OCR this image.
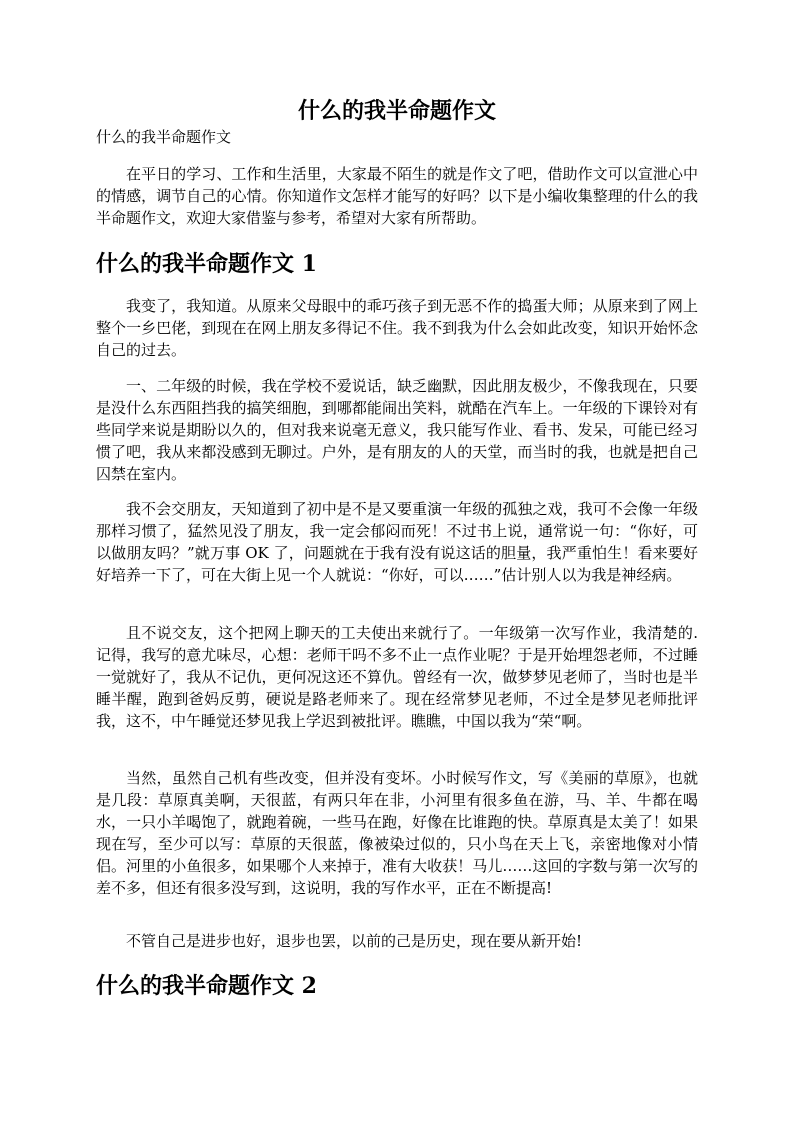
什么的我半命题作文

什么的我半命题作文

在平日的学习、工作和生活里，大家最不陌生的就是作文了吧，借助作文可以宣泄心中的情感，调节自己的心情。你知道作文怎样才能写的好吗？以下是小编收集整理的什么的我半命题作文，欢迎大家借鉴与参考，希望对大家有所帮助。

什么的我半命题作文 1

我变了，我知道。从原来父母眼中的乖巧孩子到无恶不作的捣蛋大师；从原来到了网上整个一乡巴佬，到现在在网上朋友多得记不住。我不到我为什么会如此改变，知识开始怀念自己的过去。

一、二年级的时候，我在学校不爱说话，缺乏幽默，因此朋友极少，不像我现在，只要是没什么东西阻挡我的搞笑细胞，到哪都能闹出笑料，就酷在汽车上。一年级的下课铃对有些同学来说是期盼以久的，但对我来说毫无意义，我只能写作业、看书、发呆，可能已经习惯了吧，我从来都没感到无聊过。户外，是有朋友的人的天堂，而当时的我，也就是把自己囚禁在室内。

我不会交朋友，天知道到了初中是不是又要重演一年级的孤独之戏，我可不会像一年级那样习惯了，猛然见没了朋友，我一定会郁闷而死！不过书上说，通常说一句：“你好，可以做朋友吗？”就万事 OK 了，问题就在于我有没有说这话的胆量，我严重怕生！看来要好好培养一下了，可在大街上见一个人就说：“你好，可以……”估计别人以为我是神经病。

且不说交友，这个把网上聊天的工夫使出来就行了。一年级第一次写作业，我清楚的.记得，我写的意尤味尽，心想：老师干吗不多不止一点作业呢？于是开始埋怨老师，不过睡一觉就好了，我从不记仇，更何况这还不算仇。曾经有一次，做梦梦见老师了，当时也是半睡半醒，跑到爸妈反剪，硬说是路老师来了。现在经常梦见老师，不过全是梦见老师批评我，这不，中午睡觉还梦见我上学迟到被批评。瞧瞧，中国以我为“荣“啊。

当然，虽然自己机有些改变，但并没有变坏。小时候写作文，写《美丽的草原》，也就是几段：草原真美啊，天很蓝，有两只年在非，小河里有很多鱼在游，马、羊、牛都在喝水，一只小羊喝饱了，就跑着碗，一些马在跑，好像在比谁跑的快。草原真是太美了！如果现在写，至少可以写：草原的天很蓝，像被染过似的，只小鸟在天上飞，亲密地像对小情侣。河里的小鱼很多，如果哪个人来掉于，准有大收获！马儿……这回的字数与第一次写的差不多，但还有很多没写到，这说明，我的写作水平，正在不断提高!

不管自己是进步也好，退步也罢，以前的己是历史，现在要从新开始!

什么的我半命题作文 2
